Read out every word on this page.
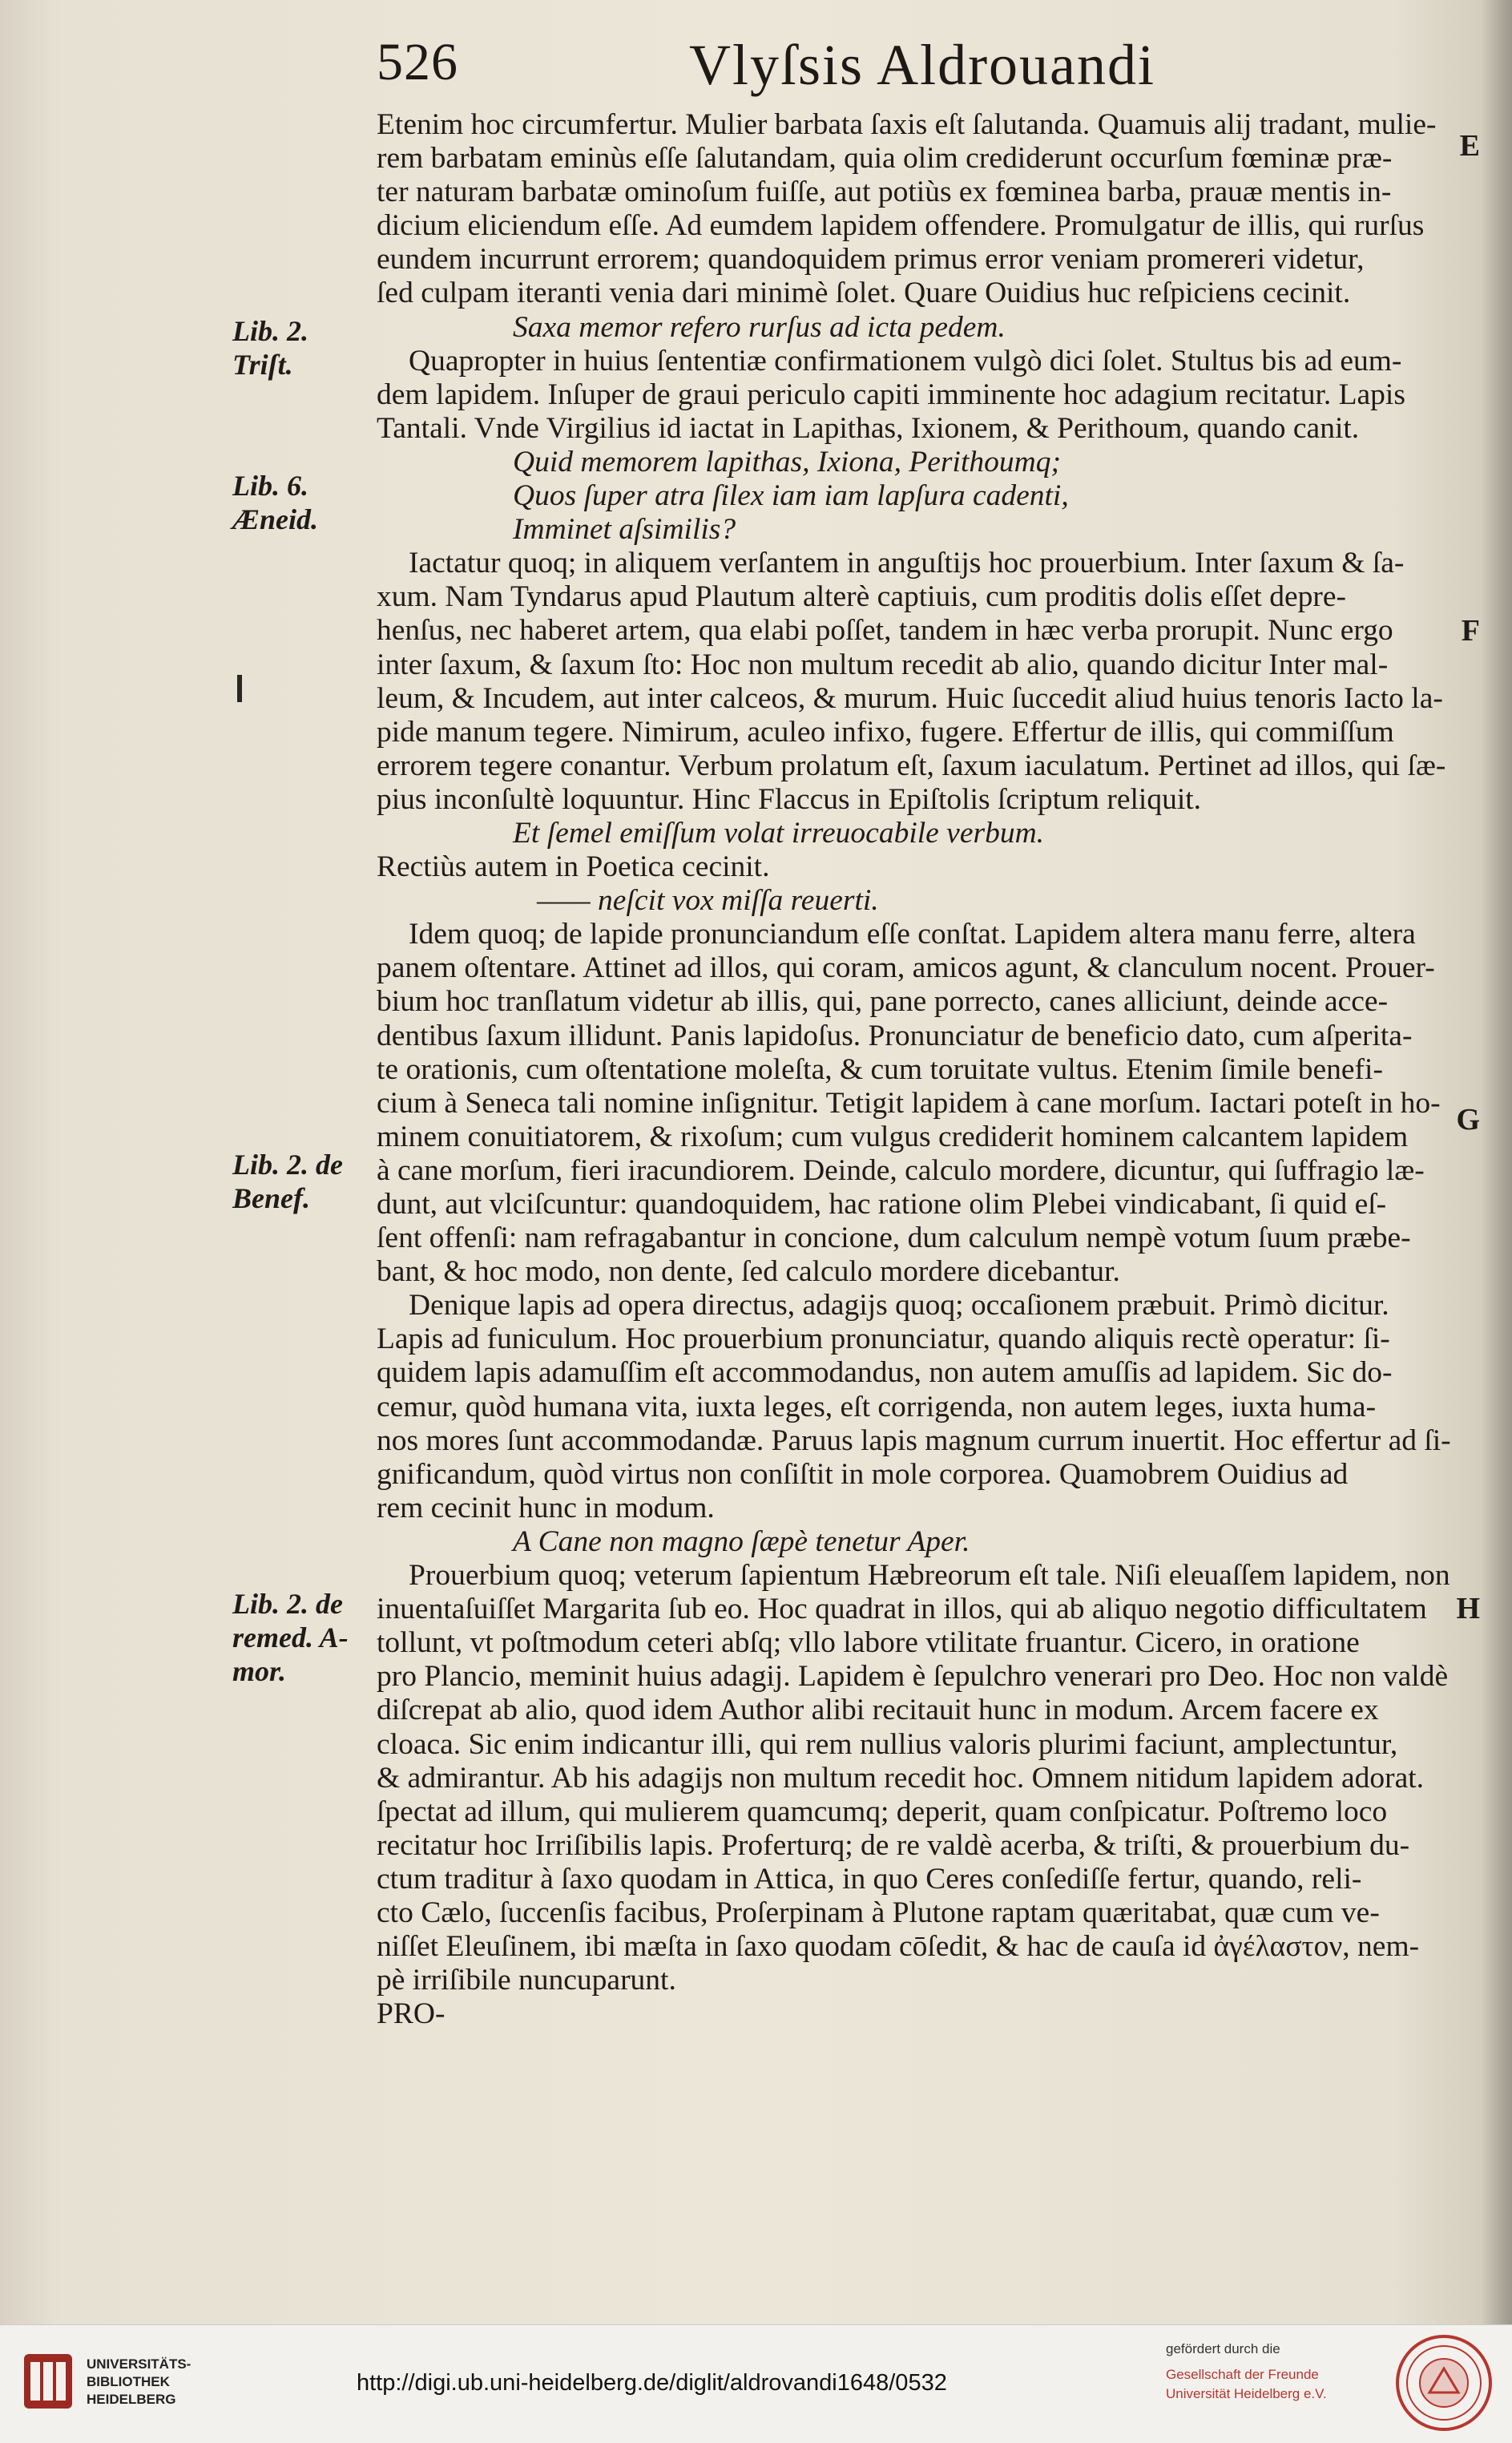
526	Vlyſsis Aldrouandi
Lib. 2.
Triſt.
Lib. 6.
Æneid.
Lib. 2. de
Benef.
Lib. 2. de
remed. A-
mor.
E
F
G
H
Etenim hoc circumfertur. Mulier barbata ſaxis eſt ſalutanda. Quamuis alij tradant, mulie-
rem barbatam eminùs eſſe ſalutandam, quia olim crediderunt occurſum fœminæ præ-
ter naturam barbatæ ominoſum fuiſſe, aut potiùs ex fœminea barba, prauæ mentis in-
dicium eliciendum eſſe. Ad eumdem lapidem offendere. Promulgatur de illis, qui rurſus
eundem incurrunt errorem; quandoquidem primus error veniam promereri videtur,
ſed culpam iteranti venia dari minimè ſolet. Quare Ouidius huc reſpiciens cecinit.
Saxa memor refero rurſus ad icta pedem.
Quapropter in huius ſententiæ confirmationem vulgò dici ſolet. Stultus bis ad eum-
dem lapidem. Inſuper de graui periculo capiti imminente hoc adagium recitatur. Lapis
Tantali. Vnde Virgilius id iactat in Lapithas, Ixionem, & Perithoum, quando canit.
Quid memorem lapithas, Ixiona, Perithoumq;
Quos ſuper atra ſilex iam iam lapſura cadenti,
Imminet aſsimilis?
Iactatur quoq; in aliquem verſantem in anguſtijs hoc prouerbium. Inter ſaxum & ſa-
xum. Nam Tyndarus apud Plautum alterè captiuis, cum proditis dolis eſſet depre-
henſus, nec haberet artem, qua elabi poſſet, tandem in hæc verba prorupit. Nunc ergo
inter ſaxum, & ſaxum ſto: Hoc non multum recedit ab alio, quando dicitur Inter mal-
leum, & Incudem, aut inter calceos, & murum. Huic ſuccedit aliud huius tenoris Iacto la-
pide manum tegere. Nimirum, aculeo infixo, fugere. Effertur de illis, qui commiſſum
errorem tegere conantur. Verbum prolatum eſt, ſaxum iaculatum. Pertinet ad illos, qui ſæ-
pius inconſultè loquuntur. Hinc Flaccus in Epiſtolis ſcriptum reliquit.
Et ſemel emiſſum volat irreuocabile verbum.
Rectiùs autem in Poetica cecinit.
—— neſcit vox miſſa reuerti.
Idem quoq; de lapide pronunciandum eſſe conſtat. Lapidem altera manu ferre, altera
panem oſtentare. Attinet ad illos, qui coram, amicos agunt, & clanculum nocent. Prouer-
bium hoc tranſlatum videtur ab illis, qui, pane porrecto, canes alliciunt, deinde acce-
dentibus ſaxum illidunt. Panis lapidoſus. Pronunciatur de beneficio dato, cum aſperita-
te orationis, cum oſtentatione moleſta, & cum toruitate vultus. Etenim ſimile benefi-
cium à Seneca tali nomine inſignitur. Tetigit lapidem à cane morſum. Iactari poteſt in ho-
minem conuitiatorem, & rixoſum; cum vulgus crediderit hominem calcantem lapidem
à cane morſum, fieri iracundiorem. Deinde, calculo mordere, dicuntur, qui ſuffragio læ-
dunt, aut vlciſcuntur: quandoquidem, hac ratione olim Plebei vindicabant, ſi quid eſ-
ſent offenſi: nam refragabantur in concione, dum calculum nempè votum ſuum præbe-
bant, & hoc modo, non dente, ſed calculo mordere dicebantur.
Denique lapis ad opera directus, adagijs quoq; occaſionem præbuit. Primò dicitur.
Lapis ad funiculum. Hoc prouerbium pronunciatur, quando aliquis rectè operatur: ſi-
quidem lapis adamuſſim eſt accommodandus, non autem amuſſis ad lapidem. Sic do-
cemur, quòd humana vita, iuxta leges, eſt corrigenda, non autem leges, iuxta huma-
nos mores ſunt accommodandæ. Paruus lapis magnum currum inuertit. Hoc effertur ad ſi-
gnificandum, quòd virtus non conſiſtit in mole corporea. Quamobrem Ouidius ad
rem cecinit hunc in modum.
A Cane non magno ſæpè tenetur Aper.
Prouerbium quoq; veterum ſapientum Hæbreorum eſt tale. Niſi eleuaſſem lapidem, non
inuentaſuiſſet Margarita ſub eo. Hoc quadrat in illos, qui ab aliquo negotio difficultatem
tollunt, vt poſtmodum ceteri abſq; vllo labore vtilitate fruantur. Cicero, in oratione
pro Plancio, meminit huius adagij. Lapidem è ſepulchro venerari pro Deo. Hoc non valdè
diſcrepat ab alio, quod idem Author alibi recitauit hunc in modum. Arcem facere ex
cloaca. Sic enim indicantur illi, qui rem nullius valoris plurimi faciunt, amplectuntur,
& admirantur. Ab his adagijs non multum recedit hoc. Omnem nitidum lapidem adorat.
ſpectat ad illum, qui mulierem quamcumq; deperit, quam conſpicatur. Poſtremo loco
recitatur hoc Irriſibilis lapis. Proferturq; de re valdè acerba, & triſti, & prouerbium du-
ctum traditur à ſaxo quodam in Attica, in quo Ceres conſediſſe fertur, quando, reli-
cto Cælo, ſuccenſis facibus, Proſerpinam à Plutone raptam quæritabat, quæ cum ve-
niſſet Eleuſinem, ibi mæſta in ſaxo quodam cōſedit, & hac de cauſa id ἀγέλαστον, nem-
pè irriſibile nuncuparunt.
PRO-
UNIVERSITÄTS-
BIBLIOTHEK
HEIDELBERG
http://digi.ub.uni-heidelberg.de/diglit/aldrovandi1648/0532
gefördert durch die
Gesellschaft der Freunde
Universität Heidelberg e.V.
